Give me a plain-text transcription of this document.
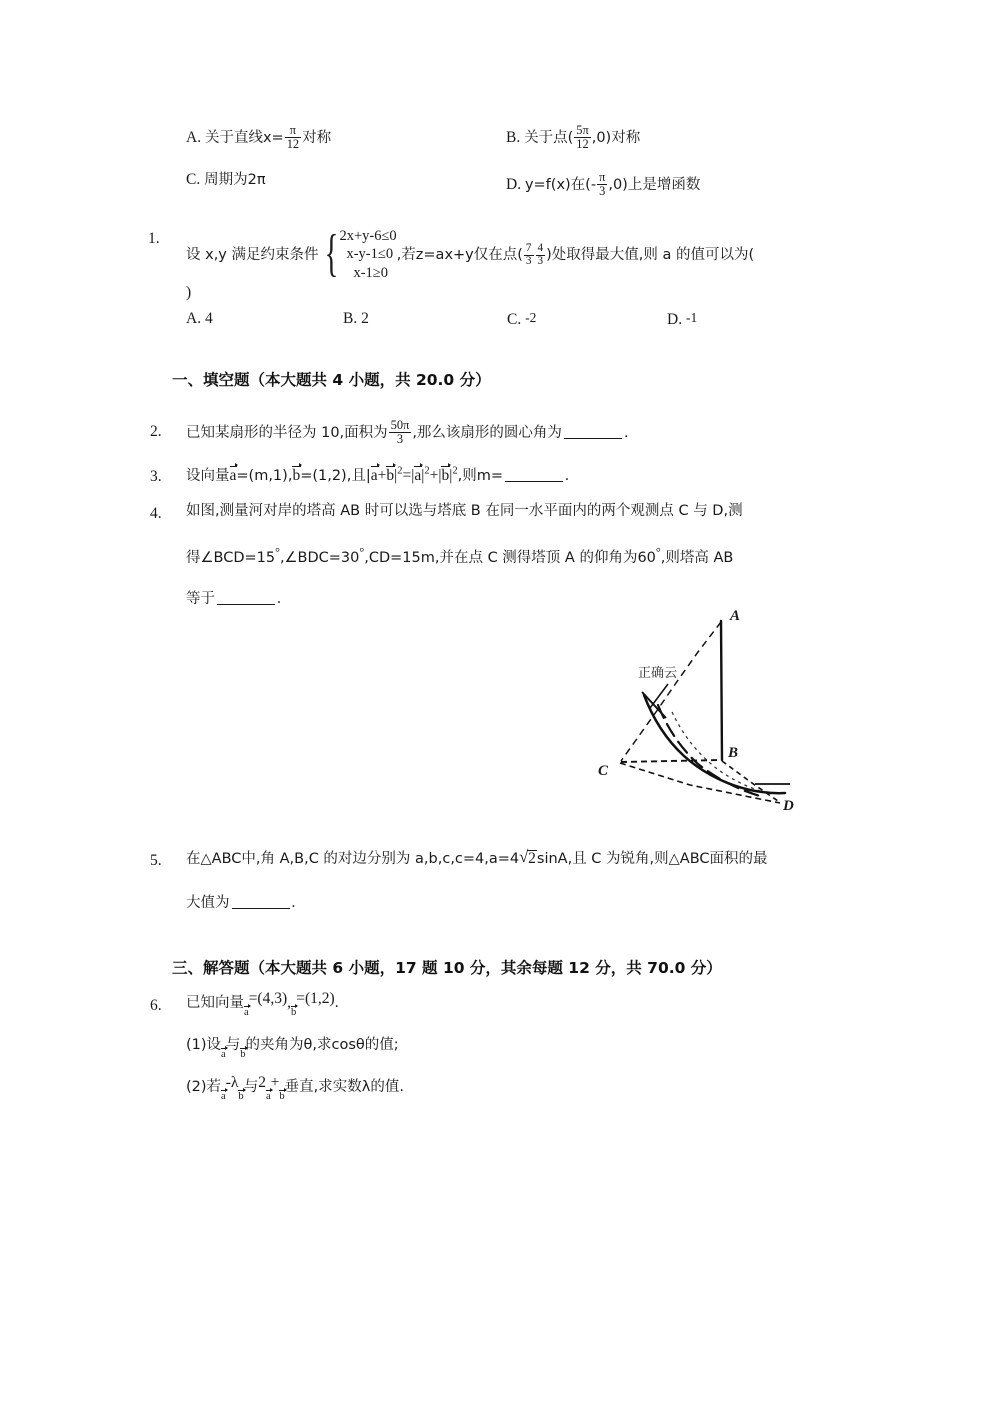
A. 关于直线$x= \frac{\pi}{12}$ 对称	B. 关于点( $\frac{5\pi}{12} ,0$)对称
C. 周期为2π	D. y=f(x)在(- $\frac{\pi}{3} ,0$)上是增函数
1.
设 x,y 满足约束条件 { 2x+y-6≤0
x-y-1≤0
x-1≥0
,若z=ax+y仅在点( $\frac{7}{3} \frac{4}{3}$ )处取得最大值,则 a 的值可以为(
)
A. 4	B. 2	C. -2	D. -1
一、填空题（本大题共 4 小题，共 20.0 分）
2. 已知某扇形的半径为 10,面积为 $\frac{50\pi}{3}$ ,那么该扇形的圆心角为	.
3. 设向量a=(m,1),b=(1,2),且$|a+b|^2=|a|^2+|b|^2$,则m=	.
4. 如图,测量河对岸的塔高 AB 时可以选与塔底 B 在同一水平面内的两个观测点 C 与 D,测
得∠BCD=15°,∠BDC=30°,CD=15m,并在点 C 测得塔顶 A 的仰角为60°,则塔高 AB
等于	.
A
B
C
D
正确云
5. 在△ABC中,角 A,B,C 的对边分别为 a,b,c,c=4,a=4 √ 2sinA,且 C 为锐角,则△ABC面积的最
大值为	.
三、解答题（本大题共 6 小题，17 题 10 分，其余每题 12 分，共 70.0 分）
6. 已知向量a=(4,3),b=(1,2).
(1)设a与b的夹角为θ,求cosθ的值;
(2)若a-λb与2a+b垂直,求实数λ的值.
